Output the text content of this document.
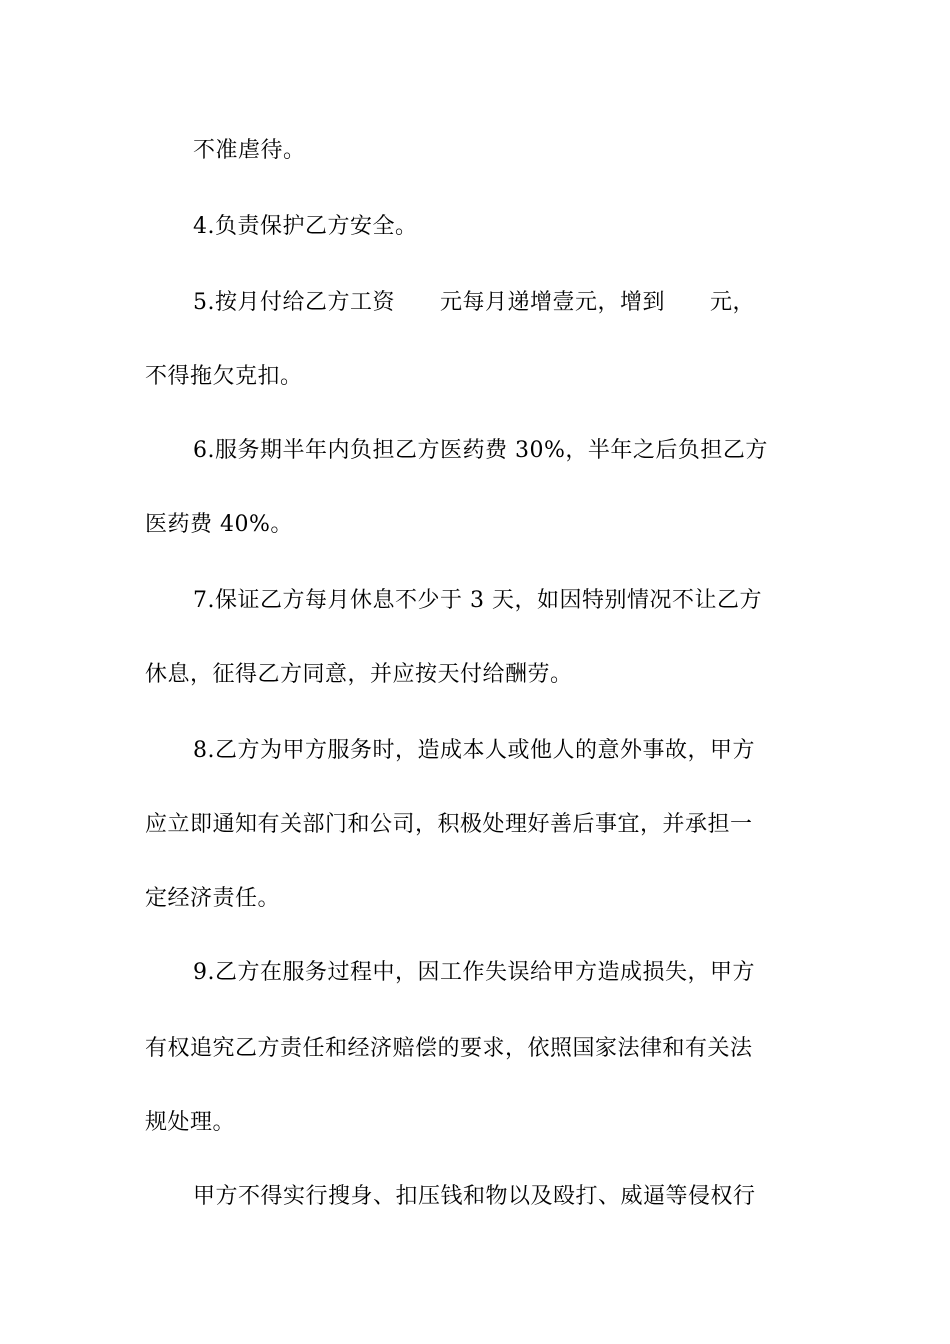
不准虐待。
4.负责保护乙方安全。
5.按月付给乙方工资　　元每月递增壹元，增到　　元，
不得拖欠克扣。
6.服务期半年内负担乙方医药费 30%，半年之后负担乙方
医药费 40%。
7.保证乙方每月休息不少于 3 天，如因特别情况不让乙方
休息，征得乙方同意，并应按天付给酬劳。
8.乙方为甲方服务时，造成本人或他人的意外事故，甲方
应立即通知有关部门和公司，积极处理好善后事宜，并承担一
定经济责任。
9.乙方在服务过程中，因工作失误给甲方造成损失，甲方
有权追究乙方责任和经济赔偿的要求，依照国家法律和有关法
规处理。
甲方不得实行搜身、扣压钱和物以及殴打、威逼等侵权行
